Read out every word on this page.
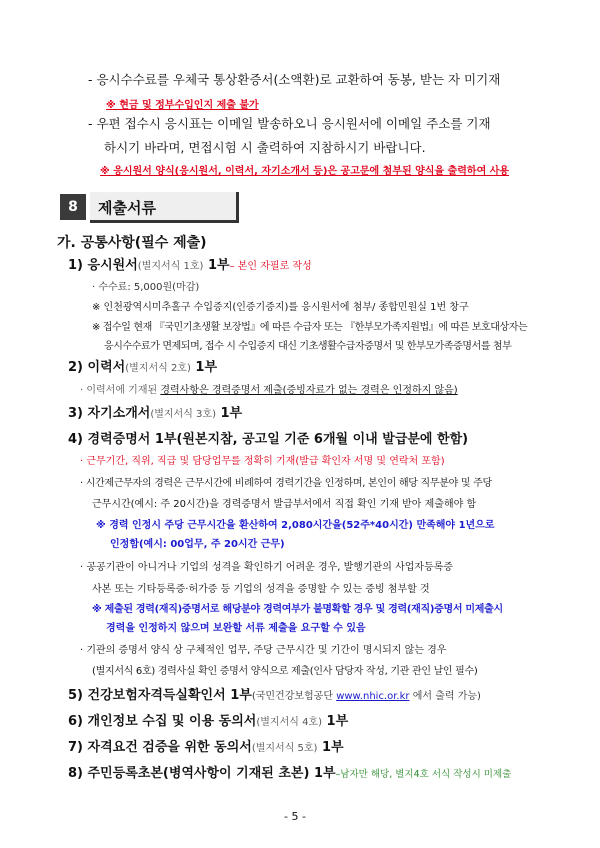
- 응시수수료를 우체국 통상환증서(소액환)로 교환하여 동봉, 받는 자 미기재
※ 현금 및 정부수입인지 제출 불가
- 우편 접수시 응시표는 이메일 발송하오니 응시원서에 이메일 주소를 기재
하시기 바라며, 면접시험 시 출력하여 지참하시기 바랍니다.
※ 응시원서 양식(응시원서, 이력서, 자기소개서 등)은 공고문에 첨부된 양식을 출력하여 사용
8	제출서류
가. 공통사항(필수 제출)
1) 응시원서(별지서식 1호) 1부– 본인 자필로 작성
· 수수료: 5,000원(마감)
※ 인천광역시미추홀구 수입증지(인증기증지)를 응시원서에 첨부/ 종합민원실 1번 창구
※ 접수일 현재 『국민기초생활 보장법』에 따른 수급자 또는 『한부모가족지원법』에 따른 보호대상자는
응시수수료가 면제되며, 접수 시 수입증지 대신 기초생활수급자증명서 및 한부모가족증명서를 첨부
2) 이력서(별지서식 2호) 1부
· 이력서에 기재된 경력사항은 경력증명서 제출(증빙자료가 없는 경력은 인정하지 않음)
3) 자기소개서(별지서식 3호) 1부
4) 경력증명서 1부(원본지참, 공고일 기준 6개월 이내 발급분에 한함)
· 근무기간, 직위, 직급 및 담당업무를 정확히 기재(발급 확인자 서명 및 연락처 포함)
· 시간제근무자의 경력은 근무시간에 비례하여 경력기간을 인정하며, 본인이 해당 직무분야 및 주당
근무시간(예시: 주 20시간)을 경력증명서 발급부서에서 직접 확인 기재 받아 제출해야 함
※ 경력 인정시 주당 근무시간을 환산하여 2,080시간을(52주*40시간) 만족해야 1년으로
인정함(예시: 00업무, 주 20시간 근무)
· 공공기관이 아니거나 기업의 성격을 확인하기 어려운 경우, 발행기관의 사업자등록증
사본 또는 기타등록증·허가증 등 기업의 성격을 증명할 수 있는 증빙 첨부할 것
※ 제출된 경력(재직)증명서로 해당분야 경력여부가 불명확할 경우 및 경력(재직)증명서 미제출시
경력을 인정하지 않으며 보완할 서류 제출을 요구할 수 있음
· 기관의 증명서 양식 상 구체적인 업무, 주당 근무시간 및 기간이 명시되지 않는 경우
(별지서식 6호) 경력사실 확인 증명서 양식으로 제출(인사 담당자 작성, 기관 관인 날인 필수)
5) 건강보험자격득실확인서 1부(국민건강보험공단 www.nhic.or.kr 에서 출력 가능)
6) 개인정보 수집 및 이용 동의서(별지서식 4호) 1부
7) 자격요건 검증을 위한 동의서(별지서식 5호) 1부
8) 주민등록초본(병역사항이 기재된 초본) 1부–남자만 해당, 별지4호 서식 작성시 미제출
- 5 -
